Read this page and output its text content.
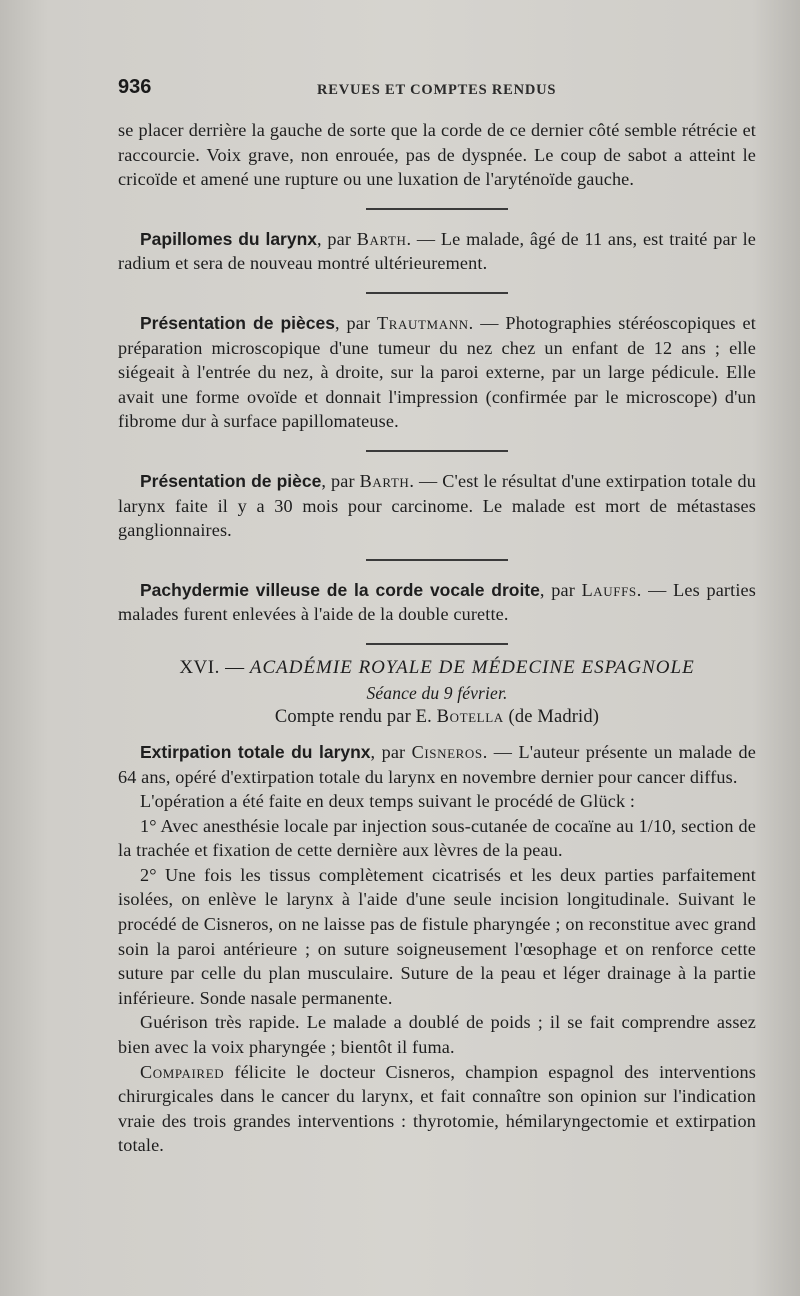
936	REVUES ET COMPTES RENDUS

se placer derrière la gauche de sorte que la corde de ce dernier côté semble rétrécie et raccourcie. Voix grave, non enrouée, pas de dyspnée. Le coup de sabot a atteint le cricoïde et amené une rupture ou une luxation de l'aryténoïde gauche.

Papillomes du larynx, par Barth. — Le malade, âgé de 11 ans, est traité par le radium et sera de nouveau montré ultérieurement.

Présentation de pièces, par Trautmann. — Photographies stéréoscopiques et préparation microscopique d'une tumeur du nez chez un enfant de 12 ans ; elle siégeait à l'entrée du nez, à droite, sur la paroi externe, par un large pédicule. Elle avait une forme ovoïde et donnait l'impression (confirmée par le microscope) d'un fibrome dur à surface papillomateuse.

Présentation de pièce, par Barth. — C'est le résultat d'une extirpation totale du larynx faite il y a 30 mois pour carcinome. Le malade est mort de métastases ganglionnaires.

Pachydermie villeuse de la corde vocale droite, par Lauffs. — Les parties malades furent enlevées à l'aide de la double curette.

XVI. — ACADÉMIE ROYALE DE MÉDECINE ESPAGNOLE
Séance du 9 février.
Compte rendu par E. Botella (de Madrid)

Extirpation totale du larynx, par Cisneros. — L'auteur présente un malade de 64 ans, opéré d'extirpation totale du larynx en novembre dernier pour cancer diffus.

L'opération a été faite en deux temps suivant le procédé de Glück :

1° Avec anesthésie locale par injection sous-cutanée de cocaïne au 1/10, section de la trachée et fixation de cette dernière aux lèvres de la peau.

2° Une fois les tissus complètement cicatrisés et les deux parties parfaitement isolées, on enlève le larynx à l'aide d'une seule incision longitudinale. Suivant le procédé de Cisneros, on ne laisse pas de fistule pharyngée ; on reconstitue avec grand soin la paroi antérieure ; on suture soigneusement l'œsophage et on renforce cette suture par celle du plan musculaire. Suture de la peau et léger drainage à la partie inférieure. Sonde nasale permanente.

Guérison très rapide. Le malade a doublé de poids ; il se fait comprendre assez bien avec la voix pharyngée ; bientôt il fuma.

Compaired félicite le docteur Cisneros, champion espagnol des interventions chirurgicales dans le cancer du larynx, et fait connaître son opinion sur l'indication vraie des trois grandes interventions : thyrotomie, hémilaryngectomie et extirpation totale.
